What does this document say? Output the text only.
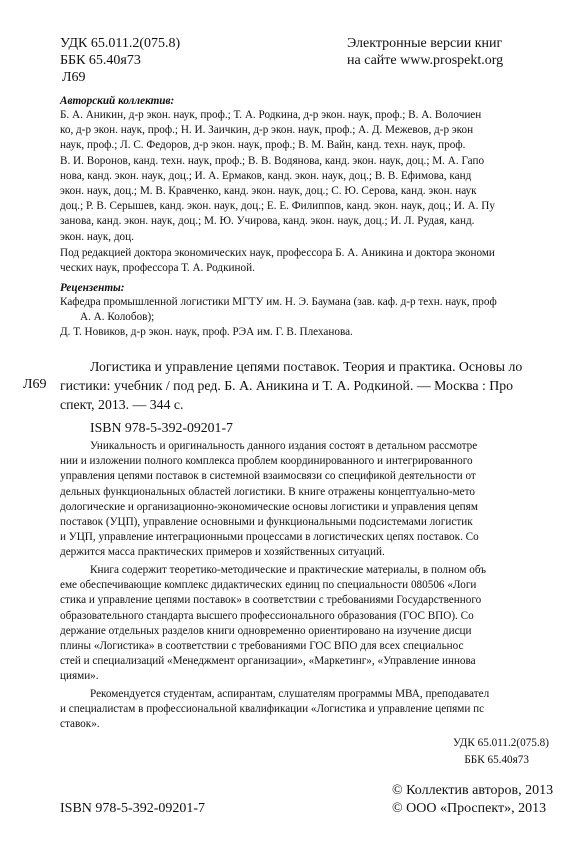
УДК 65.011.2(075.8)
ББК 65.40я73
Л69
Электронные версии книг
на сайте www.prospekt.org
Авторский коллектив:
Б. А. Аникин, д-р экон. наук, проф.; Т. А. Родкина, д-р экон. наук, проф.; В. А. Волочиен
ко, д-р экон. наук, проф.; Н. И. Заичкин, д-р экон. наук, проф.; А. Д. Межевов, д-р экон
наук, проф.; Л. С. Федоров, д-р экон. наук, проф.; В. М. Вайн, канд. техн. наук, проф.
В. И. Воронов, канд. техн. наук, проф.; В. В. Водянова, канд. экон. наук, доц.; М. А. Гапо
нова, канд. экон. наук, доц.; И. А. Ермаков, канд. экон. наук, доц.; В. В. Ефимова, канд
экон. наук, доц.; М. В. Кравченко, канд. экон. наук, доц.; С. Ю. Серова, канд. экон. наук
доц.; Р. В. Серышев, канд. экон. наук, доц.; Е. Е. Филиппов, канд. экон. наук, доц.; И. А. Пу
занова, канд. экон. наук, доц.; М. Ю. Учирова, канд. экон. наук, доц.; И. Л. Рудая, канд.
экон. наук, доц.
Под редакцией доктора экономических наук, профессора Б. А. Аникина и доктора экономи
ческих наук, профессора Т. А. Родкиной.
Рецензенты:
Кафедра промышленной логистики МГТУ им. Н. Э. Баумана (зав. каф. д-р техн. наук, проф
А. А. Колобов);
Д. Т. Новиков, д-р экон. наук, проф. РЭА им. Г. В. Плеханова.
Л69
Логистика и управление цепями поставок. Теория и практика. Основы ло
гистики: учебник / под ред. Б. А. Аникина и Т. А. Родкиной. — Москва : Про
спект, 2013. — 344 с.
ISBN 978-5-392-09201-7
Уникальность и оригинальность данного издания состоят в детальном рассмотре
нии и изложении полного комплекса проблем координированного и интегрированного
управления цепями поставок в системной взаимосвязи со спецификой деятельности от
дельных функциональных областей логистики. В книге отражены концептуально-мето
дологические и организационно-экономические основы логистики и управления цепям
поставок (УЦП), управление основными и функциональными подсистемами логистик
и УЦП, управление интеграционными процессами в логистических цепях поставок. Со
держится масса практических примеров и хозяйственных ситуаций.
Книга содержит теоретико-методические и практические материалы, в полном объ
еме обеспечивающие комплекс дидактических единиц по специальности 080506 «Логи
стика и управление цепями поставок» в соответствии с требованиями Государственного
образовательного стандарта высшего профессионального образования (ГОС ВПО). Со
держание отдельных разделов книги одновременно ориентировано на изучение дисци
плины «Логистика» в соответствии с требованиями ГОС ВПО для всех специальнос
стей и специализаций «Менеджмент организации», «Маркетинг», «Управление иннова
циями».
Рекомендуется студентам, аспирантам, слушателям программы МВА, преподавател
и специалистам в профессиональной квалификации «Логистика и управление цепями пс
ставок».
УДК 65.011.2(075.8)
ББК 65.40я73
ISBN 978-5-392-09201-7
© Коллектив авторов, 2013
© ООО «Проспект», 2013
